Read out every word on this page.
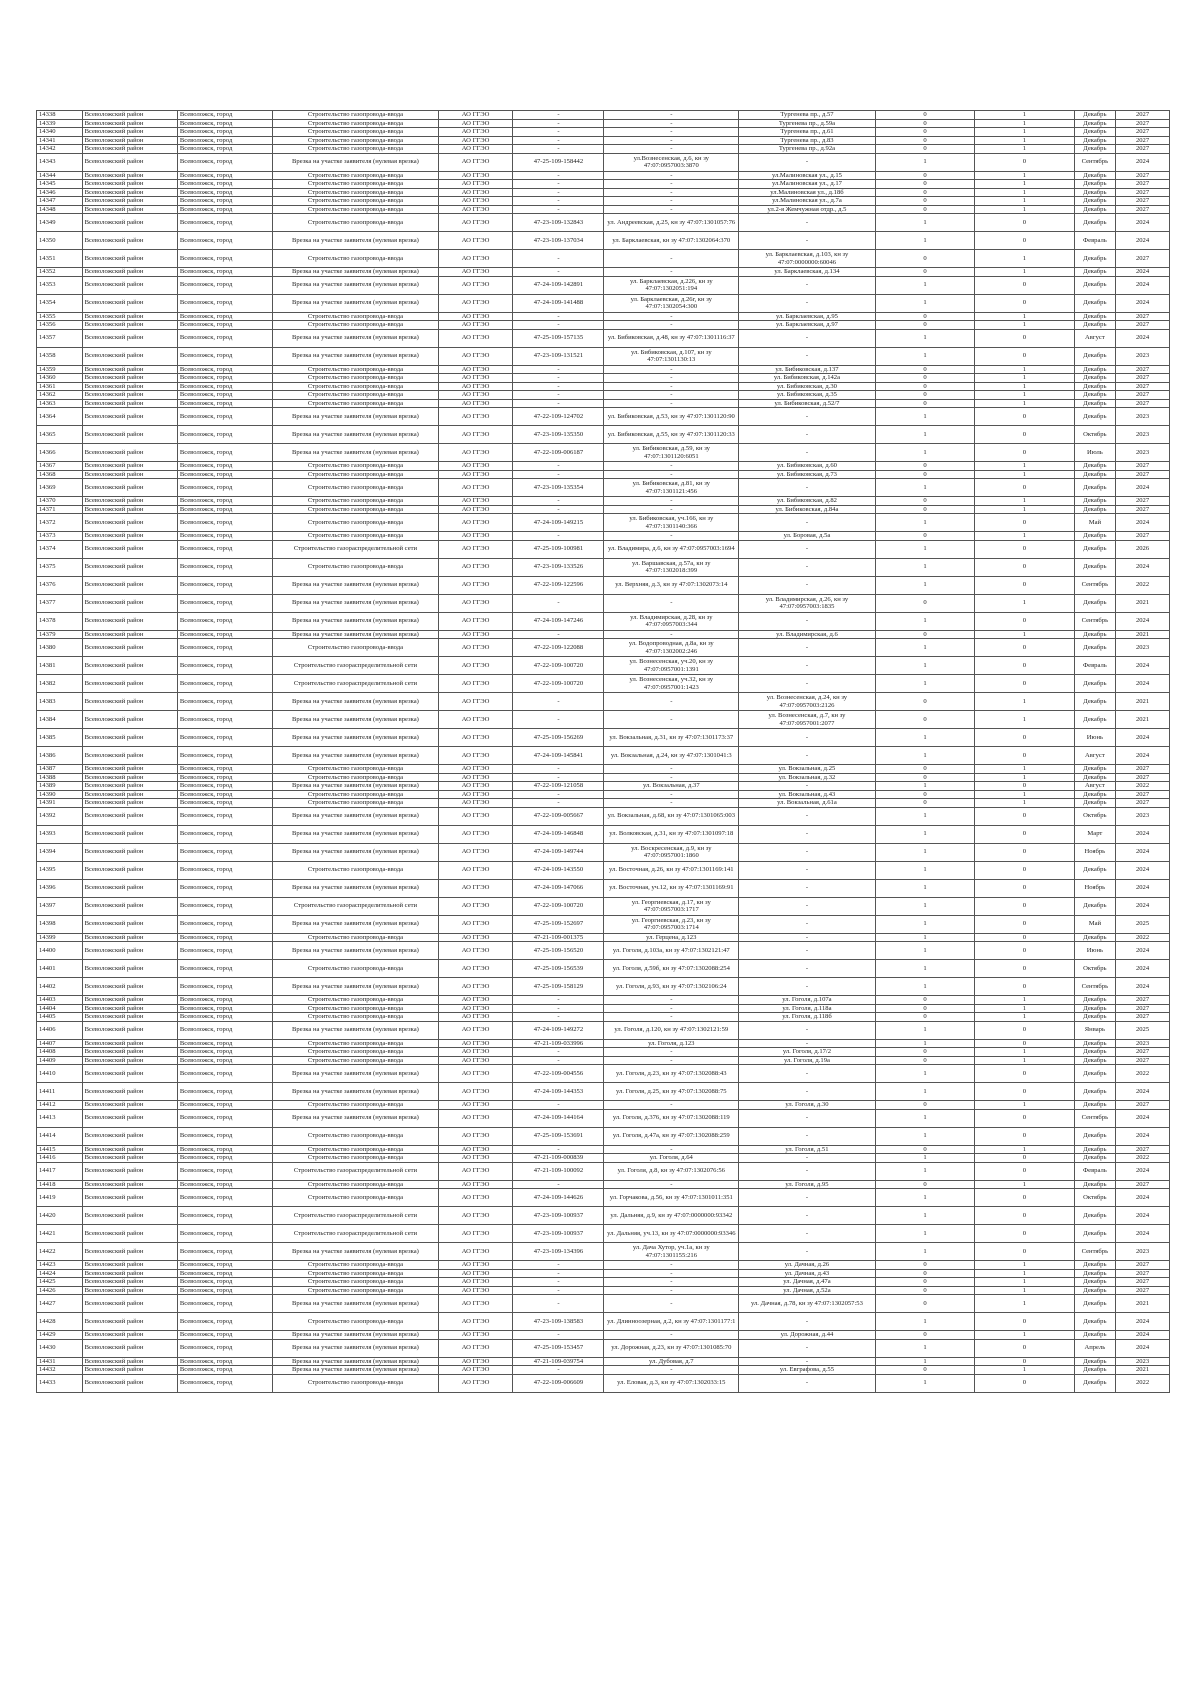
14338	Всеволожский район	Всеволожск, город	Строительство газопровода-ввода	АО ГГЭО	-	-	Тургенева пр., д.57	0	1	Декабрь	2027
14339	Всеволожский район	Всеволожск, город	Строительство газопровода-ввода	АО ГГЭО	-	-	Тургенева пр., д.59а	0	1	Декабрь	2027
14340	Всеволожский район	Всеволожск, город	Строительство газопровода-ввода	АО ГГЭО	-	-	Тургенева пр., д.61	0	1	Декабрь	2027
14341	Всеволожский район	Всеволожск, город	Строительство газопровода-ввода	АО ГГЭО	-	-	Тургенева пр., д.83	0	1	Декабрь	2027
14342	Всеволожский район	Всеволожск, город	Строительство газопровода-ввода	АО ГГЭО	-	-	Тургенева пр., д.92а	0	1	Декабрь	2027
14343	Всеволожский район	Всеволожск, город	Врезка на участке заявителя (нулевая врезка)	АО ГГЭО	47-25-109-158442	ул.Вознесенская, д.6, кн зу 47:07:0957003:3870	-	1	0	Сентябрь	2024
14344	Всеволожский район	Всеволожск, город	Строительство газопровода-ввода	АО ГГЭО	-	-	ул.Малиновская ул., д.15	0	1	Декабрь	2027
14345	Всеволожский район	Всеволожск, город	Строительство газопровода-ввода	АО ГГЭО	-	-	ул.Малиновская ул., д.17	0	1	Декабрь	2027
14346	Всеволожский район	Всеволожск, город	Строительство газопровода-ввода	АО ГГЭО	-	-	ул.Малиновская ул., д.18б	0	1	Декабрь	2027
14347	Всеволожский район	Всеволожск, город	Строительство газопровода-ввода	АО ГГЭО	-	-	ул.Малиновская ул., д.7а	0	1	Декабрь	2027
14348	Всеволожский район	Всеволожск, город	Строительство газопровода-ввода	АО ГГЭО	-	-	ул.2-я Жемчужная отдр., д.5	0	1	Декабрь	2027
14349	Всеволожский район	Всеволожск, город	Строительство газопровода-ввода	АО ГГЭО	47-23-109-132843	ул. Андреевская, д.25, кн зу 47:07:1301057:76	-	1	0	Декабрь	2024
14350	Всеволожский район	Всеволожск, город	Врезка на участке заявителя (нулевая врезка)	АО ГГЭО	47-23-109-137034	ул. Барклаевская, кн зу 47:07:1302064:370	-	1	0	Февраль	2024
14351	Всеволожский район	Всеволожск, город	Строительство газопровода-ввода	АО ГГЭО	-	-	ул. Барклаевская, д.103, кн зу 47:07:0000000:60046	0	1	Декабрь	2027
14352	Всеволожский район	Всеволожск, город	Врезка на участке заявителя (нулевая врезка)	АО ГГЭО	-	-	ул. Барклаевская, д.134	0	1	Декабрь	2024
14353	Всеволожский район	Всеволожск, город	Врезка на участке заявителя (нулевая врезка)	АО ГГЭО	47-24-109-142891	ул. Барклаевская, д.226, кн зу 47:07:1302051:194	-	1	0	Декабрь	2024
14354	Всеволожский район	Всеволожск, город	Врезка на участке заявителя (нулевая врезка)	АО ГГЭО	47-24-109-141488	ул. Барклаевская, д.26г, кн зу 47:07:1302054:300	-	1	0	Декабрь	2024
14355	Всеволожский район	Всеволожск, город	Строительство газопровода-ввода	АО ГГЭО	-	-	ул. Барклаевская, д.95	0	1	Декабрь	2027
14356	Всеволожский район	Всеволожск, город	Строительство газопровода-ввода	АО ГГЭО	-	-	ул. Барклаевская, д.97	0	1	Декабрь	2027
14357	Всеволожский район	Всеволожск, город	Врезка на участке заявителя (нулевая врезка)	АО ГГЭО	47-25-109-157135	ул. Бибиковская, д.48, кн зу 47:07:1301116:37	-	1	0	Август	2024
14358	Всеволожский район	Всеволожск, город	Врезка на участке заявителя (нулевая врезка)	АО ГГЭО	47-23-109-131521	ул. Бибиковская, д.107, кн зу 47:07:1301130:13	-	1	0	Декабрь	2023
14359	Всеволожский район	Всеволожск, город	Строительство газопровода-ввода	АО ГГЭО	-	-	ул. Бибиковская, д.137	0	1	Декабрь	2027
14360	Всеволожский район	Всеволожск, город	Строительство газопровода-ввода	АО ГГЭО	-	-	ул. Бибиковская, д.142а	0	1	Декабрь	2027
14361	Всеволожский район	Всеволожск, город	Строительство газопровода-ввода	АО ГГЭО	-	-	ул. Бибиковская, д.30	0	1	Декабрь	2027
14362	Всеволожский район	Всеволожск, город	Строительство газопровода-ввода	АО ГГЭО	-	-	ул. Бибиковская, д.35	0	1	Декабрь	2027
14363	Всеволожский район	Всеволожск, город	Строительство газопровода-ввода	АО ГГЭО	-	-	ул. Бибиковская, д.52/7	0	1	Декабрь	2027
14364	Всеволожский район	Всеволожск, город	Врезка на участке заявителя (нулевая врезка)	АО ГГЭО	47-22-109-124702	ул. Бибиковская, д.53, кн зу 47:07:1301120:90	-	1	0	Декабрь	2023
14365	Всеволожский район	Всеволожск, город	Врезка на участке заявителя (нулевая врезка)	АО ГГЭО	47-23-109-135350	ул. Бибиковская, д.55, кн зу 47:07:1301120:33	-	1	0	Октябрь	2023
14366	Всеволожский район	Всеволожск, город	Врезка на участке заявителя (нулевая врезка)	АО ГГЭО	47-22-109-006187	ул. Бибиковская, д.59, кн зу 47:07:1301120:6051	-	1	0	Июль	2023
14367	Всеволожский район	Всеволожск, город	Строительство газопровода-ввода	АО ГГЭО	-	-	ул. Бибиковская, д.60	0	1	Декабрь	2027
14368	Всеволожский район	Всеволожск, город	Строительство газопровода-ввода	АО ГГЭО	-	-	ул. Бибиковская, д.73	0	1	Декабрь	2027
14369	Всеволожский район	Всеволожск, город	Строительство газопровода-ввода	АО ГГЭО	47-23-109-135354	ул. Бибиковская, д.81, кн зу 47:07:1301121:456	-	1	0	Декабрь	2024
14370	Всеволожский район	Всеволожск, город	Строительство газопровода-ввода	АО ГГЭО	-	-	ул. Бибиковская, д.82	0	1	Декабрь	2027
14371	Всеволожский район	Всеволожск, город	Строительство газопровода-ввода	АО ГГЭО	-	-	ул. Бибиковская, д.84а	0	1	Декабрь	2027
14372	Всеволожский район	Всеволожск, город	Строительство газопровода-ввода	АО ГГЭО	47-24-109-149215	ул. Бибиковская, уч.166, кн зу 47:07:1301140:366	-	1	0	Май	2024
14373	Всеволожский район	Всеволожск, город	Строительство газопровода-ввода	АО ГГЭО	-	-	ул. Боровая, д.5а	0	1	Декабрь	2027
14374	Всеволожский район	Всеволожск, город	Строительство газораспределительной сети	АО ГГЭО	47-25-109-100981	ул. Владимира, д.6, кн зу 47:07:0957003:1694	-	1	0	Декабрь	2026
14375	Всеволожский район	Всеволожск, город	Строительство газопровода-ввода	АО ГГЭО	47-23-109-133526	ул. Варшавская, д.57а, кн зу 47:07:1302018:399	-	1	0	Декабрь	2024
14376	Всеволожский район	Всеволожск, город	Врезка на участке заявителя (нулевая врезка)	АО ГГЭО	47-22-109-122596	ул. Верхняя, д.3, кн зу 47:07:1302073:14	-	1	0	Сентябрь	2022
14377	Всеволожский район	Всеволожск, город	Врезка на участке заявителя (нулевая врезка)	АО ГГЭО	-	-	ул. Владимирская, д.26, кн зу 47:07:0957003:1835	0	1	Декабрь	2021
14378	Всеволожский район	Всеволожск, город	Врезка на участке заявителя (нулевая врезка)	АО ГГЭО	47-24-109-147246	ул. Владимирская, д.28, кн зу 47:07:0957003:344	-	1	0	Сентябрь	2024
14379	Всеволожский район	Всеволожск, город	Врезка на участке заявителя (нулевая врезка)	АО ГГЭО	-	-	ул. Владимирская, д.6	0	1	Декабрь	2021
14380	Всеволожский район	Всеволожск, город	Строительство газопровода-ввода	АО ГГЭО	47-22-109-122088	ул. Водопроводная, д.8а, кн зу 47:07:1302002:246	-	1	0	Декабрь	2023
14381	Всеволожский район	Всеволожск, город	Строительство газораспределительной сети	АО ГГЭО	47-22-109-100720	ул. Вознесенская, уч.20, кн зу 47:07:0957001:1391	-	1	0	Февраль	2024
14382	Всеволожский район	Всеволожск, город	Строительство газораспределительной сети	АО ГГЭО	47-22-109-100720	ул. Вознесенская, уч.32, кн зу 47:07:0957001:1423	-	1	0	Декабрь	2024
14383	Всеволожский район	Всеволожск, город	Врезка на участке заявителя (нулевая врезка)	АО ГГЭО	-	-	ул. Вознесенская, д.24, кн зу 47:07:0957003:2126	0	1	Декабрь	2021
14384	Всеволожский район	Всеволожск, город	Врезка на участке заявителя (нулевая врезка)	АО ГГЭО	-	-	ул. Вознесенская, д.7, кн зу 47:07:0957001:2077	0	1	Декабрь	2021
14385	Всеволожский район	Всеволожск, город	Врезка на участке заявителя (нулевая врезка)	АО ГГЭО	47-25-109-156269	ул. Вокзальная, д.31, кн зу 47:07:1301173:37	-	1	0	Июнь	2024
14386	Всеволожский район	Всеволожск, город	Врезка на участке заявителя (нулевая врезка)	АО ГГЭО	47-24-109-145841	ул. Вокзальная, д.24, кн зу 47:07:1301041:3	-	1	0	Август	2024
14387	Всеволожский район	Всеволожск, город	Строительство газопровода-ввода	АО ГГЭО	-	-	ул. Вокзальная, д.25	0	1	Декабрь	2027
14388	Всеволожский район	Всеволожск, город	Строительство газопровода-ввода	АО ГГЭО	-	-	ул. Вокзальная, д.32	0	1	Декабрь	2027
14389	Всеволожский район	Всеволожск, город	Врезка на участке заявителя (нулевая врезка)	АО ГГЭО	47-22-109-121058	ул. Вокзальная, д.37	-	1	0	Август	2022
14390	Всеволожский район	Всеволожск, город	Строительство газопровода-ввода	АО ГГЭО	-	-	ул. Вокзальная, д.43	0	1	Декабрь	2027
14391	Всеволожский район	Всеволожск, город	Строительство газопровода-ввода	АО ГГЭО	-	-	ул. Вокзальная, д.61а	0	1	Декабрь	2027
14392	Всеволожский район	Всеволожск, город	Врезка на участке заявителя (нулевая врезка)	АО ГГЭО	47-22-109-005667	ул. Вокзальная, д.68, кн зу 47:07:1301065:003	-	1	0	Октябрь	2023
14393	Всеволожский район	Всеволожск, город	Врезка на участке заявителя (нулевая врезка)	АО ГГЭО	47-24-109-146848	ул. Волковская, д.31, кн зу 47:07:1301097:18	-	1	0	Март	2024
14394	Всеволожский район	Всеволожск, город	Врезка на участке заявителя (нулевая врезка)	АО ГГЭО	47-24-109-149744	ул. Воскресенская, д.9, кн зу 47:07:0957001:1860	-	1	0	Ноябрь	2024
14395	Всеволожский район	Всеволожск, город	Строительство газопровода-ввода	АО ГГЭО	47-24-109-143550	ул. Восточная, д.26, кн зу 47:07:1301169:141	-	1	0	Декабрь	2024
14396	Всеволожский район	Всеволожск, город	Врезка на участке заявителя (нулевая врезка)	АО ГГЭО	47-24-109-147066	ул. Восточная, уч.12, кн зу 47:07:1301169:91	-	1	0	Ноябрь	2024
14397	Всеволожский район	Всеволожск, город	Строительство газораспределительной сети	АО ГГЭО	47-22-109-100720	ул. Георгиевская, д.17, кн зу 47:07:0957003:1717	-	1	0	Декабрь	2024
14398	Всеволожский район	Всеволожск, город	Врезка на участке заявителя (нулевая врезка)	АО ГГЭО	47-25-109-152697	ул. Георгиевская, д.23, кн зу 47:07:0957003:1714	-	1	0	Май	2025
14399	Всеволожский район	Всеволожск, город	Строительство газопровода-ввода	АО ГГЭО	47-21-109-001375	ул. Герцена, д.123	-	1	0	Декабрь	2022
14400	Всеволожский район	Всеволожск, город	Врезка на участке заявителя (нулевая врезка)	АО ГГЭО	47-25-109-156520	ул. Гоголя, д.103а, кн зу 47:07:1302121:47	-	1	0	Июнь	2024
14401	Всеволожский район	Всеволожск, город	Строительство газопровода-ввода	АО ГГЭО	47-25-109-156539	ул. Гоголя, д.59б, кн зу 47:07:1302088:254	-	1	0	Октябрь	2024
14402	Всеволожский район	Всеволожск, город	Врезка на участке заявителя (нулевая врезка)	АО ГГЭО	47-25-109-158129	ул. Гоголя, д.93, кн зу 47:07:1302106:24	-	1	0	Сентябрь	2024
14403	Всеволожский район	Всеволожск, город	Строительство газопровода-ввода	АО ГГЭО	-	-	ул. Гоголя, д.107а	0	1	Декабрь	2027
14404	Всеволожский район	Всеволожск, город	Строительство газопровода-ввода	АО ГГЭО	-	-	ул. Гоголя, д.118а	0	1	Декабрь	2027
14405	Всеволожский район	Всеволожск, город	Строительство газопровода-ввода	АО ГГЭО	-	-	ул. Гоголя, д.118б	0	1	Декабрь	2027
14406	Всеволожский район	Всеволожск, город	Врезка на участке заявителя (нулевая врезка)	АО ГГЭО	47-24-109-149272	ул. Гоголя, д.120, кн зу 47:07:1302121:59	-	1	0	Январь	2025
14407	Всеволожский район	Всеволожск, город	Строительство газопровода-ввода	АО ГГЭО	47-21-109-033996	ул. Гоголя, д.123	-	1	0	Декабрь	2023
14408	Всеволожский район	Всеволожск, город	Строительство газопровода-ввода	АО ГГЭО	-	-	ул. Гоголя, д.17/2	0	1	Декабрь	2027
14409	Всеволожский район	Всеволожск, город	Строительство газопровода-ввода	АО ГГЭО	-	-	ул. Гоголя, д.19а	0	1	Декабрь	2027
14410	Всеволожский район	Всеволожск, город	Врезка на участке заявителя (нулевая врезка)	АО ГГЭО	47-22-109-004556	ул. Гоголя, д.23, кн зу 47:07:1302088:43	-	1	0	Декабрь	2022
14411	Всеволожский район	Всеволожск, город	Врезка на участке заявителя (нулевая врезка)	АО ГГЭО	47-24-109-144353	ул. Гоголя, д.25, кн зу 47:07:1302088:75	-	1	0	Декабрь	2024
14412	Всеволожский район	Всеволожск, город	Строительство газопровода-ввода	АО ГГЭО	-	-	ул. Гоголя, д.30	0	1	Декабрь	2027
14413	Всеволожский район	Всеволожск, город	Врезка на участке заявителя (нулевая врезка)	АО ГГЭО	47-24-109-144164	ул. Гоголя, д.376, кн зу 47:07:1302088:119	-	1	0	Сентябрь	2024
14414	Всеволожский район	Всеволожск, город	Строительство газопровода-ввода	АО ГГЭО	47-25-109-153691	ул. Гоголя, д.47а, кн зу 47:07:1302088:259	-	1	0	Декабрь	2024
14415	Всеволожский район	Всеволожск, город	Строительство газопровода-ввода	АО ГГЭО	-	-	ул. Гоголя, д.51	0	1	Декабрь	2027
14416	Всеволожский район	Всеволожск, город	Строительство газопровода-ввода	АО ГГЭО	47-21-109-000839	ул. Гоголя, д.64	-	1	0	Декабрь	2022
14417	Всеволожский район	Всеволожск, город	Строительство газораспределительной сети	АО ГГЭО	47-21-109-100092	ул. Гоголя, д.8, кн зу 47:07:1302076:56	-	1	0	Февраль	2024
14418	Всеволожский район	Всеволожск, город	Строительство газопровода-ввода	АО ГГЭО	-	-	ул. Гоголя, д.95	0	1	Декабрь	2027
14419	Всеволожский район	Всеволожск, город	Строительство газопровода-ввода	АО ГГЭО	47-24-109-144626	ул. Горчакова, д.56, кн зу 47:07:1301011:351	-	1	0	Октябрь	2024
14420	Всеволожский район	Всеволожск, город	Строительство газораспределительной сети	АО ГГЭО	47-23-109-100937	ул. Дальняя, д.9, кн зу 47:07:0000000:93342	-	1	0	Декабрь	2024
14421	Всеволожский район	Всеволожск, город	Строительство газораспределительной сети	АО ГГЭО	47-23-109-100937	ул. Дальняя, уч.13, кн зу 47:07:0000000:93346	-	1	0	Декабрь	2024
14422	Всеволожский район	Всеволожск, город	Врезка на участке заявителя (нулевая врезка)	АО ГГЭО	47-23-109-134396	ул. Дача Хутор, уч.1а, кн зу 47:07:1301155:216	-	1	0	Сентябрь	2023
14423	Всеволожский район	Всеволожск, город	Строительство газопровода-ввода	АО ГГЭО	-	-	ул. Дачная, д.26	0	1	Декабрь	2027
14424	Всеволожский район	Всеволожск, город	Строительство газопровода-ввода	АО ГГЭО	-	-	ул. Дачная, д.43	0	1	Декабрь	2027
14425	Всеволожский район	Всеволожск, город	Строительство газопровода-ввода	АО ГГЭО	-	-	ул. Дачная, д.47а	0	1	Декабрь	2027
14426	Всеволожский район	Всеволожск, город	Строительство газопровода-ввода	АО ГГЭО	-	-	ул. Дачная, д.52а	0	1	Декабрь	2027
14427	Всеволожский район	Всеволожск, город	Врезка на участке заявителя (нулевая врезка)	АО ГГЭО	-	-	ул. Дачная, д.78, кн зу 47:07:1302057:53	0	1	Декабрь	2021
14428	Всеволожский район	Всеволожск, город	Строительство газопровода-ввода	АО ГГЭО	47-23-109-138583	ул. Длинноозерная, д.2, кн зу 47:07:1301177:1	-	1	0	Декабрь	2024
14429	Всеволожский район	Всеволожск, город	Врезка на участке заявителя (нулевая врезка)	АО ГГЭО	-	-	ул. Дорожная, д.44	0	1	Декабрь	2024
14430	Всеволожский район	Всеволожск, город	Врезка на участке заявителя (нулевая врезка)	АО ГГЭО	47-25-109-153457	ул. Дорожная, д.23, кн зу 47:07:1301085:70	-	1	0	Апрель	2024
14431	Всеволожский район	Всеволожск, город	Врезка на участке заявителя (нулевая врезка)	АО ГГЭО	47-21-109-039754	ул. Дубовая, д.7	-	1	0	Декабрь	2023
14432	Всеволожский район	Всеволожск, город	Врезка на участке заявителя (нулевая врезка)	АО ГГЭО	-	-	ул. Евграфова, д.55	0	1	Декабрь	2021
14433	Всеволожский район	Всеволожск, город	Строительство газопровода-ввода	АО ГГЭО	47-22-109-006609	ул. Еловая, д.3, кн зу 47:07:1302033:15	-	1	0	Декабрь	2022
